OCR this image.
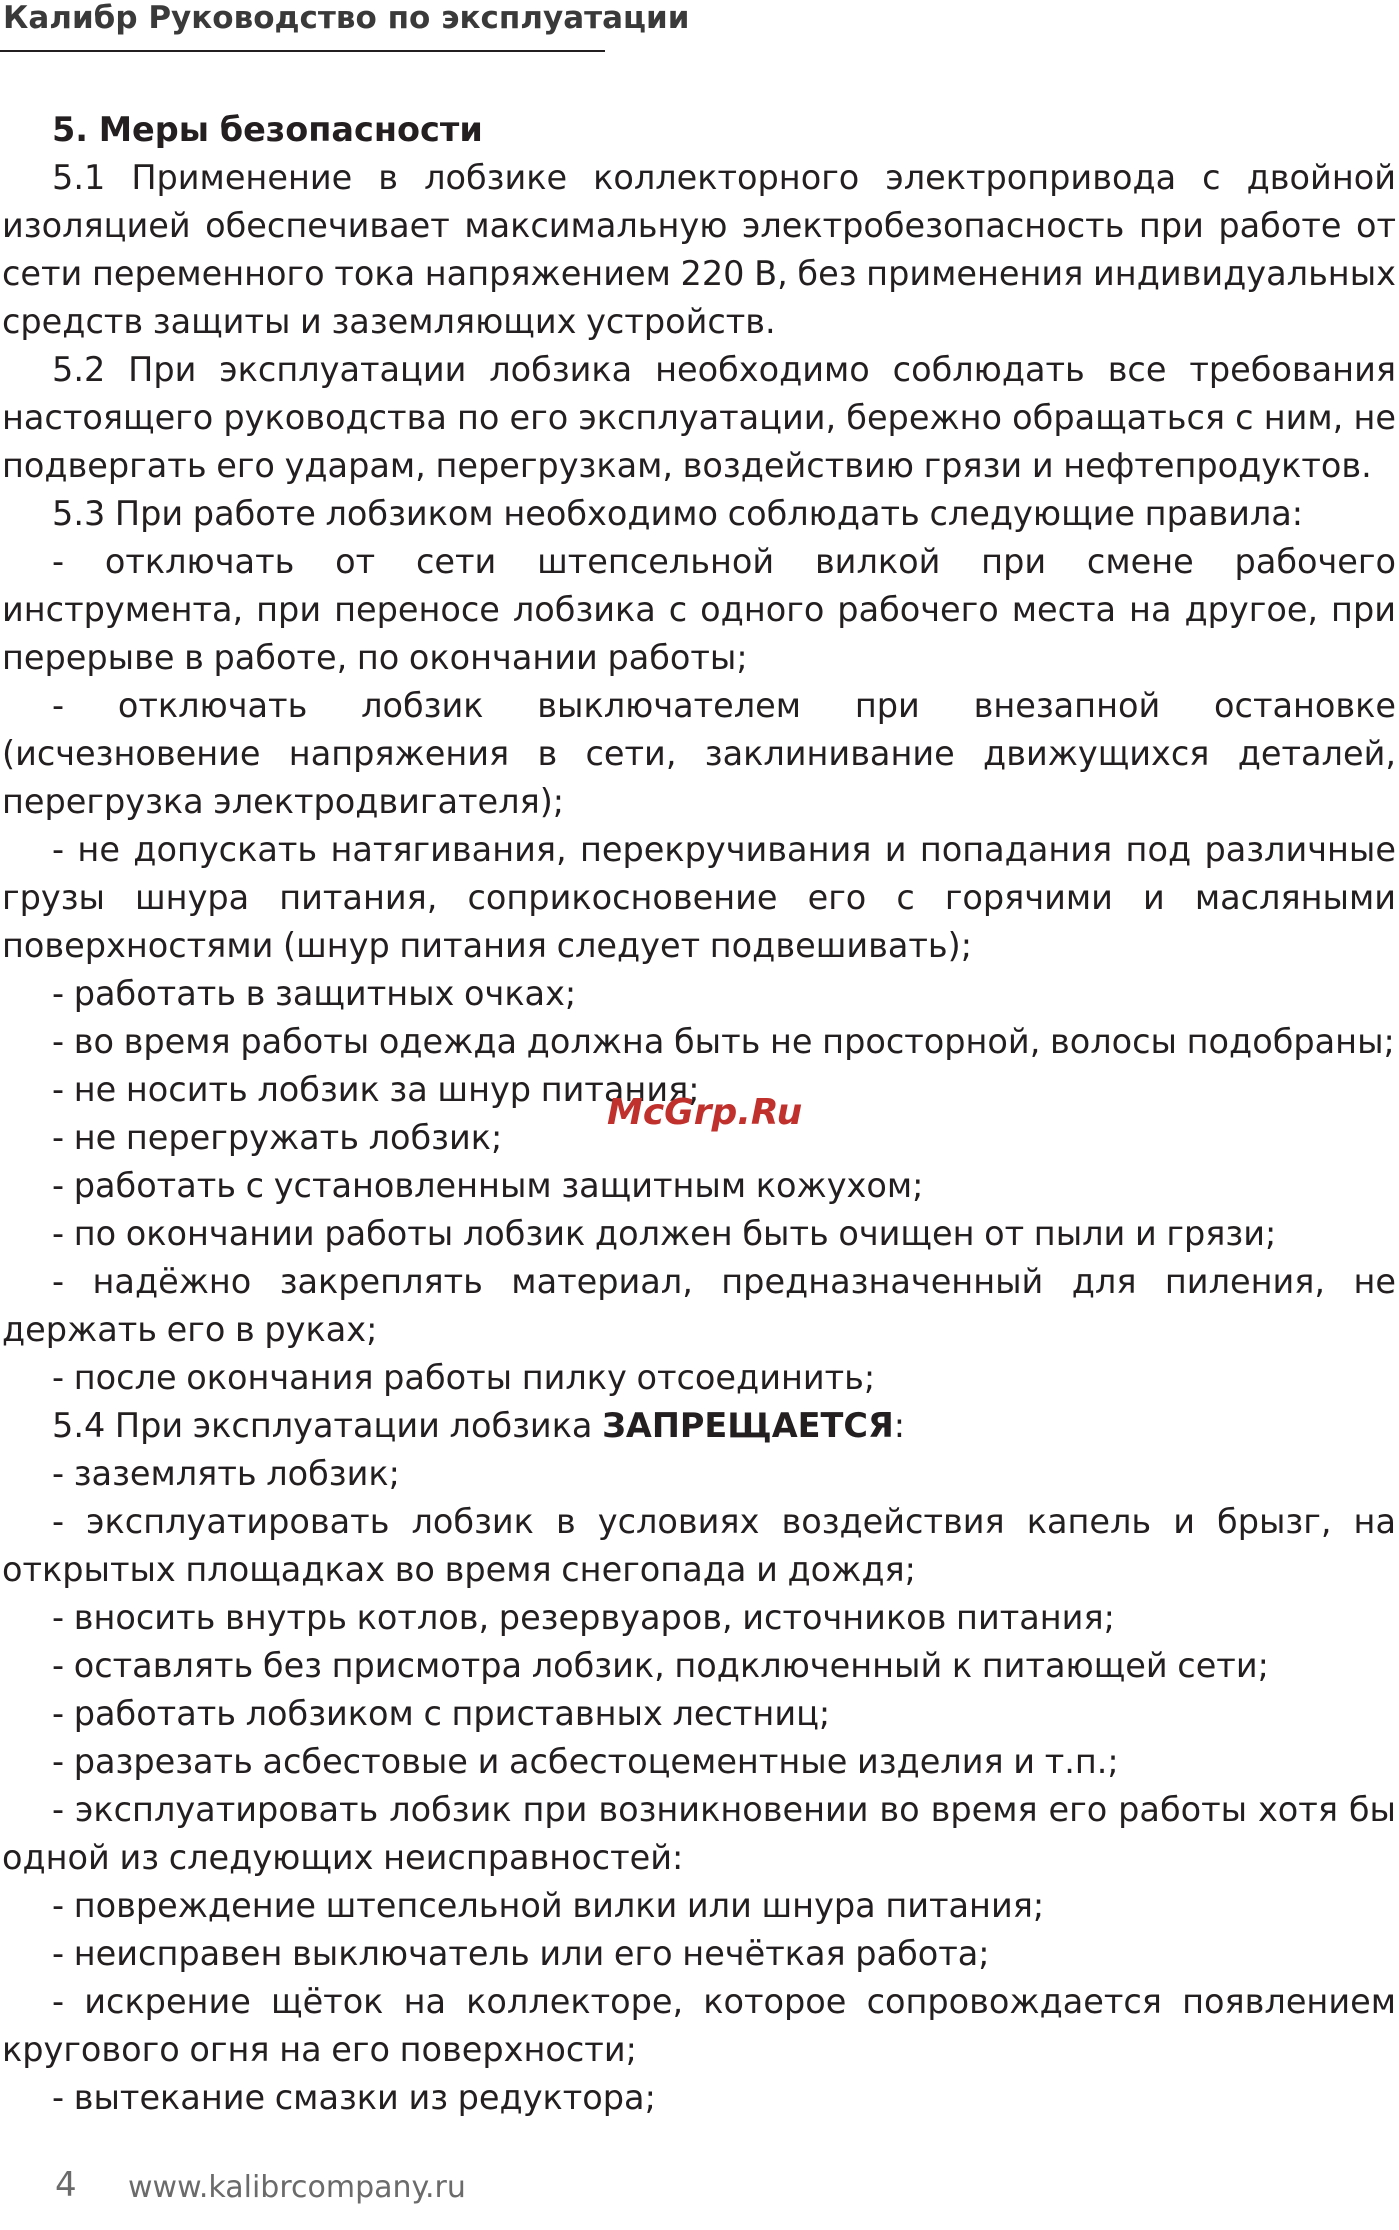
Калибр Руководство по эксплуатации

5. Меры безопасности

5.1 Применение в лобзике коллекторного электропривода с двойной изоляцией обеспечивает максимальную электробезопасность при работе от сети переменного тока напряжением 220 В, без применения индивидуальных средств защиты и заземляющих устройств.

5.2 При эксплуатации лобзика необходимо соблюдать все требования настоящего руководства по его эксплуатации, бережно обращаться с ним, не подвергать его ударам, перегрузкам, воздействию грязи и нефтепродуктов.

5.3 При работе лобзиком необходимо соблюдать следующие правила:

- отключать от сети штепсельной вилкой при смене рабочего инструмента, при переносе лобзика с одного рабочего места на другое, при перерыве в работе, по окончании работы;

- отключать лобзик выключателем при внезапной остановке (исчезновение напряжения в сети, заклинивание движущихся деталей, перегрузка электродвигателя);

- не допускать натягивания, перекручивания и попадания под различные грузы шнура питания, соприкосновение его с горячими и масляными поверхностями (шнур питания следует подвешивать);

- работать в защитных очках;

- во время работы одежда должна быть не просторной, волосы подобраны;

- не носить лобзик за шнур питания;

- не перегружать лобзик;

- работать с установленным защитным кожухом;

- по окончании работы лобзик должен быть очищен от пыли и грязи;

- надёжно закреплять материал, предназначенный для пиления, не держать его в руках;

- после окончания работы пилку отсоединить;

5.4 При эксплуатации лобзика ЗАПРЕЩАЕТСЯ:

- заземлять лобзик;

- эксплуатировать лобзик в условиях воздействия капель и брызг, на открытых площадках во время снегопада и дождя;

- вносить внутрь котлов, резервуаров, источников питания;

- оставлять без присмотра лобзик, подключенный к питающей сети;

- работать лобзиком с приставных лестниц;

- разрезать асбестовые и асбестоцементные изделия и т.п.;

- эксплуатировать лобзик при возникновении во время его работы хотя бы одной из следующих неисправностей:

- повреждение штепсельной вилки или шнура питания;

- неисправен выключатель или его нечёткая работа;

- искрение щёток на коллекторе, которое сопровождается появлением кругового огня на его поверхности;

- вытекание смазки из редуктора;

McGrp.Ru
4 www.kalibrcompany.ru
